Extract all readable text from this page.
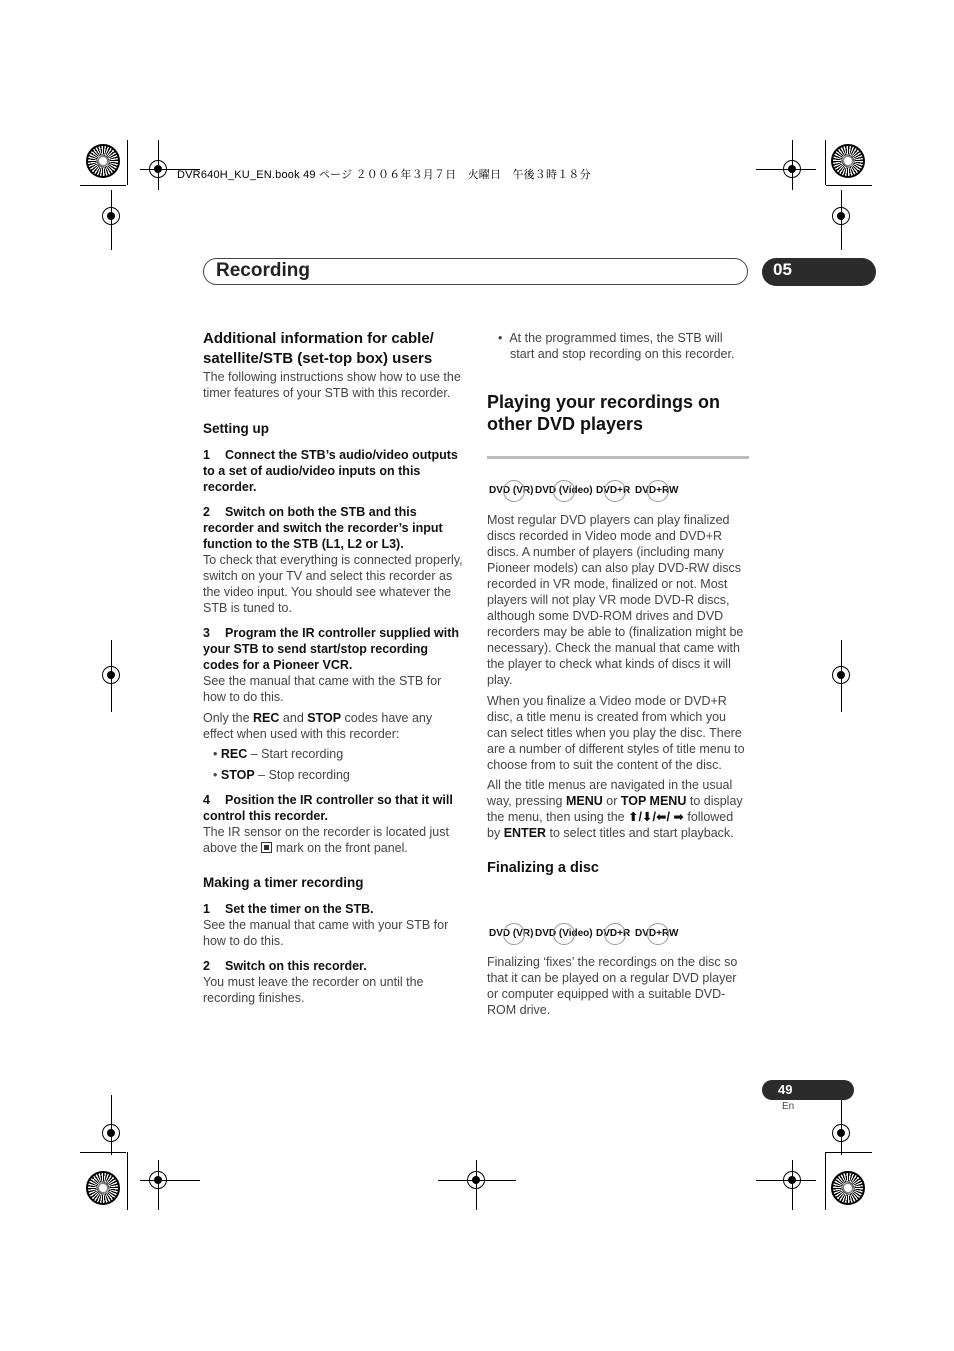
DVR640H_KU_EN.book 49 ページ ２００６年３月７日　火曜日　午後３時１８分
Recording	05

Additional information for cable/ satellite/STB (set-top box) users

The following instructions show how to use the timer features of your STB with this recorder.

Setting up

1 Connect the STB’s audio/video outputs to a set of audio/video inputs on this recorder.

2 Switch on both the STB and this recorder and switch the recorder’s input function to the STB (L1, L2 or L3).

To check that everything is connected properly, switch on your TV and select this recorder as the video input. You should see whatever the STB is tuned to.

3 Program the IR controller supplied with your STB to send start/stop recording codes for a Pioneer VCR.

See the manual that came with the STB for how to do this.

Only the REC and STOP codes have any effect when used with this recorder:

• REC – Start recording

• STOP – Stop recording

4 Position the IR controller so that it will control this recorder.

The IR sensor on the recorder is located just above the  mark on the front panel.

Making a timer recording

1 Set the timer on the STB.

See the manual that came with your STB for how to do this.

2 Switch on this recorder.

You must leave the recorder on until the recording finishes.

•  At the programmed times, the STB will start and stop recording on this recorder.

Playing your recordings on other DVD players

DVD (VR) DVD (Video) DVD+R DVD+RW

Most regular DVD players can play finalized discs recorded in Video mode and DVD+R discs. A number of players (including many Pioneer models) can also play DVD-RW discs recorded in VR mode, finalized or not. Most players will not play VR mode DVD-R discs, although some DVD-ROM drives and DVD recorders may be able to (finalization might be necessary). Check the manual that came with the player to check what kinds of discs it will play.

When you finalize a Video mode or DVD+R disc, a title menu is created from which you can select titles when you play the disc. There are a number of different styles of title menu to choose from to suit the content of the disc.

All the title menus are navigated in the usual way, pressing MENU or TOP MENU to display the menu, then using the ⬆/⬇/⬅/ ➡ followed by ENTER to select titles and start playback.

Finalizing a disc

DVD (VR) DVD (Video) DVD+R DVD+RW

Finalizing ‘fixes’ the recordings on the disc so that it can be played on a regular DVD player or computer equipped with a suitable DVD-ROM drive.

49
En
